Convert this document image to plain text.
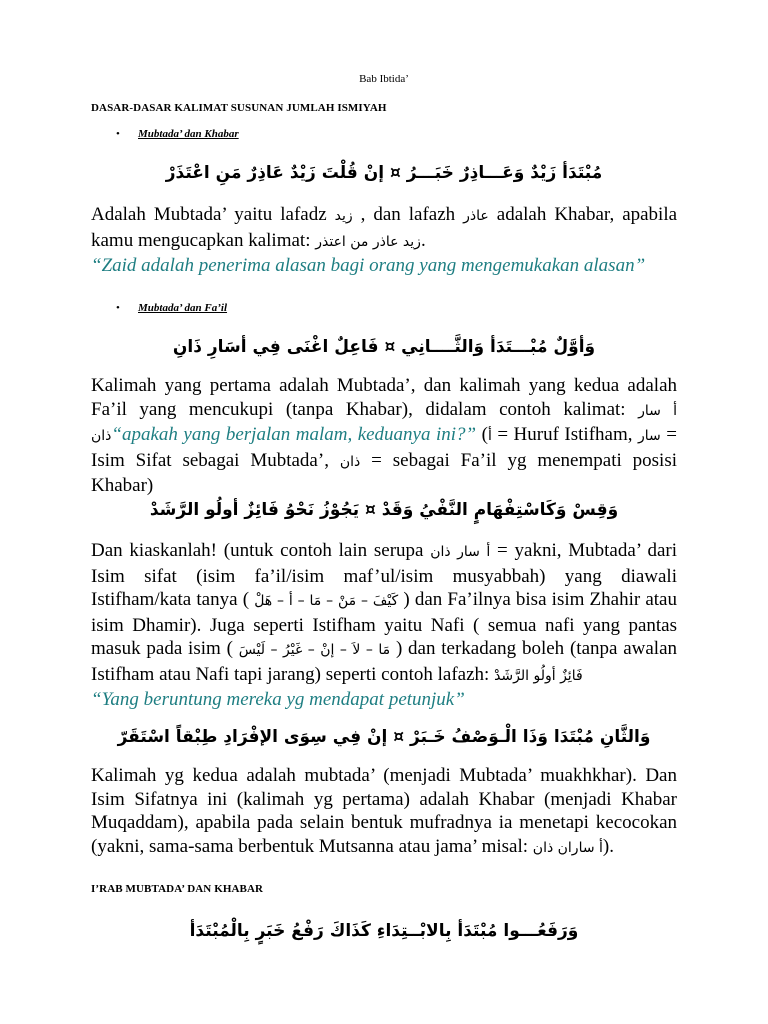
Bab Ibtida’
DASAR-DASAR KALIMAT SUSUNAN JUMLAH ISMIYAH
• Mubtada’ dan Khabar
مُبْتَدَأ زَيْدٌ وَعَـــاذِرٌ خَبَـــرُ ¤ إنْ قُلْتَ زَيْدٌ عَاذِرٌ مَنِ اعْتَذَرْ
Adalah Mubtada’ yaitu lafadz زيد , dan lafazh عاذر adalah Khabar, apabila kamu mengucapkan kalimat: زيد عاذر من اعتذر.
“Zaid adalah penerima alasan bagi orang yang mengemukakan alasan”
• Mubtada’ dan Fa’il
وَأوَّلٌ مُبْـــتَدَأ وَالثَّــــانِي ¤ فَاعِلٌ اغْنَى فِي أسَارِ ذَانِ
Kalimah yang pertama adalah Mubtada’, dan kalimah yang kedua adalah Fa’il yang mencukupi (tanpa Khabar), didalam contoh kalimat: أ سار ذان“apakah yang berjalan malam, keduanya ini?” (أ = Huruf Istifham, سار = Isim Sifat sebagai Mubtada’, ذان = sebagai Fa’il yg menempati posisi Khabar)
وَقِسْ وَكَاسْتِفْهَامٍ النَّفْيُ وَقَدْ ¤ يَجُوْزُ نَحْوُ فَائِزٌ أولُو الرَّشَدْ
Dan kiaskanlah! (untuk contoh lain serupa أ سار ذان = yakni, Mubtada’ dari Isim sifat (isim fa’il/isim maf’ul/isim musyabbah) yang diawali Istifham/kata tanya ( كَيْفَ – مَنْ – مَا – أ – هَلْ ) dan Fa’ilnya bisa isim Zhahir atau isim Dhamir). Juga seperti Istifham yaitu Nafi ( semua nafi yang pantas masuk pada isim ( مَا – لاَ – إنْ – غَيْرُ – لَيْسَ ) dan terkadang boleh (tanpa awalan Istifham atau Nafi tapi jarang) seperti contoh lafazh: فَائِزٌ أولُو الرَّشَدْ
“Yang beruntung mereka yg mendapat petunjuk”
وَالثَّانِ مُبْتَدَا وَذَا الْـوَصْفُ خَـبَرْ ¤ إنْ فِي سِوَى الإفْرَادِ طِبْقاً اسْتَقَرّ
Kalimah yg kedua adalah mubtada’ (menjadi Mubtada’ muakhkhar). Dan Isim Sifatnya ini (kalimah yg pertama) adalah Khabar (menjadi Khabar Muqaddam), apabila pada selain bentuk mufradnya ia menetapi kecocokan (yakni, sama-sama berbentuk Mutsanna atau jama’ misal: أ ساران ذان).
I’RAB MUBTADA’ DAN KHABAR
وَرَفَعُـــوا مُبْتَدَأ بِالابْــتِدَاءِ كَذَاكَ رَفْعُ خَبَرٍ بِالْمُبْتَدَأ
